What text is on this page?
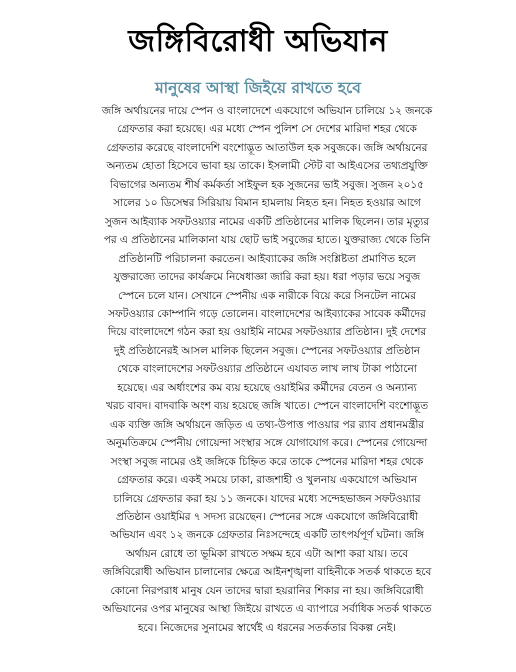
জঙ্গিবিরোধী অভিযান
মানুষের আস্থা জিইয়ে রাখতে হবে
জঙ্গি অর্থায়নের দায়ে স্পেন ও বাংলাদেশে একযোগে অভিযান চালিয়ে ১২ জনকে
গ্রেফতার করা হয়েছে। এর মধ্যে স্পেন পুলিশ সে দেশের মারিদা শহর থেকে
গ্রেফতার করেছে বাংলাদেশি বংশোদ্ভূত আতাউল হক সবুজকে। জঙ্গি অর্থায়নের
অন্যতম হোতা হিসেবে ভাবা হয় তাকে। ইসলামী স্টেট বা আইএসের তথ্যপ্রযুক্তি
বিভাগের অন্যতম শীর্ষ কর্মকর্তা সাইফুল হক সুজনের ভাই সবুজ। সুজন ২০১৫
সালের ১০ ডিসেম্বর সিরিয়ায় বিমান হামলায় নিহত হন। নিহত হওয়ার আগে
সুজন আইব্যাক সফটওয়্যার নামের একটি প্রতিষ্ঠানের মালিক ছিলেন। তার মৃত্যুর
পর এ প্রতিষ্ঠানের মালিকানা যায় ছোট ভাই সবুজের হাতে। যুক্তরাজ্য থেকে তিনি
প্রতিষ্ঠানটি পরিচালনা করতেন। আইব্যাকের জঙ্গি সংশ্লিষ্টতা প্রমাণিত হলে
যুক্তরাজ্যে তাদের কার্যক্রমে নিষেধাজ্ঞা জারি করা হয়। ধরা পড়ার ভয়ে সবুজ
স্পেনে চলে যান। সেখানে স্পেনীয় এক নারীকে বিয়ে করে সিনটেল নামের
সফটওয়্যার কোম্পানি গড়ে তোলেন। বাংলাদেশের আইব্যাকের সাবেক কর্মীদের
দিয়ে বাংলাদেশে গঠন করা হয় ওয়াইমি নামের সফটওয়্যার প্রতিষ্ঠান। দুই দেশের
দুই প্রতিষ্ঠানেরই আসল মালিক ছিলেন সবুজ। স্পেনের সফটওয়্যার প্রতিষ্ঠান
থেকে বাংলাদেশের সফটওয়্যার প্রতিষ্ঠানে এযাবত লাখ লাখ টাকা পাঠানো
হয়েছে। এর অর্ধাংশের কম ব্যয় হয়েছে ওয়াইমির কর্মীদের বেতন ও অন্যান্য
খরচ বাবদ। বাদবাকি অংশ ব্যয় হয়েছে জঙ্গি খাতে। স্পেনে বাংলাদেশি বংশোদ্ভূত
এক ব্যক্তি জঙ্গি অর্থায়নে জড়িত এ তথ্য-উপাত্ত পাওয়ার পর র‍্যাব প্রধানমন্ত্রীর
অনুমতিক্রমে স্পেনীয় গোয়েন্দা সংস্থার সঙ্গে যোগাযোগ করে। স্পেনের গোয়েন্দা
সংস্থা সবুজ নামের ওই জঙ্গিকে চিহ্নিত করে তাকে স্পেনের মারিদা শহর থেকে
গ্রেফতার করে। একই সময়ে ঢাকা, রাজশাহী ও খুলনায় একযোগে অভিযান
চালিয়ে গ্রেফতার করা হয় ১১ জনকে। যাদের মধ্যে সন্দেহভাজন সফটওয়্যার
প্রতিষ্ঠান ওয়াইমির ৭ সদস্য রয়েছেন। স্পেনের সঙ্গে একযোগে জঙ্গিবিরোধী
অভিযান এবং ১২ জনকে গ্রেফতার নিঃসন্দেহে একটি তাৎপর্যপূর্ণ ঘটনা। জঙ্গি
অর্থায়ন রোধে তা ভূমিকা রাখতে সক্ষম হবে এটা আশা করা যায়। তবে
জঙ্গিবিরোধী অভিযান চালানোর ক্ষেত্রে আইনশৃঙ্খলা বাহিনীকে সতর্ক থাকতে হবে
কোনো নিরপরাধ মানুষ যেন তাদের দ্বারা হয়রানির শিকার না হয়। জঙ্গিবিরোধী
অভিযানের ওপর মানুষের আস্থা জিইয়ে রাখতে এ ব্যাপারে সর্বাধিক সতর্ক থাকতে
হবে। নিজেদের সুনামের স্বার্থেই এ ধরনের সতর্কতার বিকল্প নেই।
